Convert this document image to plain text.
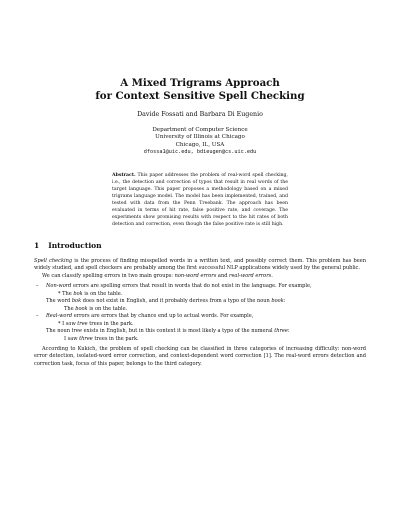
A Mixed Trigrams Approach
for Context Sensitive Spell Checking
Davide Fossati and Barbara Di Eugenio
Department of Computer Science
University of Illinois at Chicago
Chicago, IL, USA
dfossa1@uic.edu, bdieugen@cs.uic.edu
Abstract. This paper addresses the problem of real-word spell checking, i.e., the detection and correction of typos that result in real words of the target language. This paper proposes a methodology based on a mixed trigrams language model. The model has been implemented, trained, and tested with data from the Penn Treebank. The approach has been evaluated in terms of hit rate, false positive rate, and coverage. The experiments show promising results with respect to the hit rates of both detection and correction, even though the false positive rate is still high.
1 Introduction

Spell checking is the process of finding misspelled words in a written text, and possibly correct them. This problem has been widely studied, and spell checkers are probably among the first successful NLP applications widely used by the general public.

We can classify spelling errors in two main groups: non-word errors and real-word errors.

– Non-word errors are spelling errors that result in words that do not exist in the language. For example,
* The bok is on the table.
The word bok does not exist in English, and it probably derives from a typo of the noun book:
The book is on the table.
– Real-word errors are errors that by chance end up to actual words. For example,
* I saw tree trees in the park.
The noun tree exists in English, but in this context it is most likely a typo of the numeral three:
I saw three trees in the park.

According to Kukich, the problem of spell checking can be classified in three categories of increasing difficulty: non-word error detection, isolated-word error correction, and context-dependent word correction [1]. The real-word errors detection and correction task, focus of this paper, belongs to the third category.
